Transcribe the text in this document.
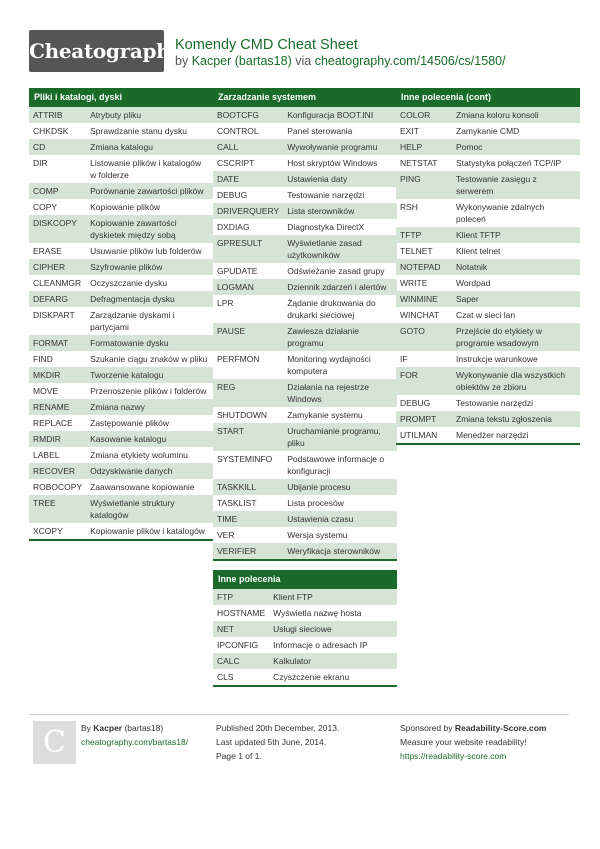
Cheatography
Komendy CMD Cheat Sheet
by Kacper (bartas18) via cheatography.com/14506/cs/1580/
Pliki i katalogi, dyski
ATTRIB	Atrybuty pliku
CHKDSK	Sprawdzanie stanu dysku
CD	Zmiana katalogu
DIR	Listowanie plików i katalogów w folderze
COMP	Porównanie zawartości plików
COPY	Kopiowanie plików
DISKCOPY	Kopiowanie zawartości dyskietek między sobą
ERASE	Usuwanie plików lub folderów
CIPHER	Szyfrowanie plików
CLEANMGR	Oczyszczanie dysku
DEFARG	Defragmentacja dysku
DISKPART	Zarządzanie dyskami i partycjami
FORMAT	Formatowanie dysku
FIND	Szukanie ciągu znaków w pliku
MKDIR	Tworzenie katalogu
MOVE	Przenoszenie plików i folderów
RENAME	Zmiana nazwy
REPLACE	Zastępowanie plików
RMDIR	Kasowanie katalogu
LABEL	Zmiana etykiety woluminu
RECOVER	Odzyskiwanie danych
ROBOCOPY	Zaawansowane kopiowanie
TREE	Wyświetlanie struktury katalogów
XCOPY	Kopiowanie plików i katalogów
Zarzadzanie systemem
BOOTCFG	Konfiguracja BOOT.INI
CONTROL	Panel sterowania
CALL	Wywoływanie programu
CSCRIPT	Host skryptów Windows
DATE	Ustawienia daty
DEBUG	Testowanie narzędzi
DRIVERQUERY	Lista sterowników
DXDIAG	Diagnostyka DirectX
GPRESULT	Wyświetlanie zasad użytkowników
GPUDATE	Odświeżanie zasad grupy
LOGMAN	Dziennik zdarzeń i alertów
LPR	Żądanie drukowania do drukarki sieciowej
PAUSE	Zawiesza działanie programu
PERFMON	Monitoring wydajności komputera
REG	Działania na rejestrze Windows
SHUTDOWN	Zamykanie systemu
START	Uruchamianie programu, pliku
SYSTEMINFO	Podstawowe informacje o konfiguracji
TASKKILL	Ubijanie procesu
TASKLIST	Lista procesów
TIME	Ustawienia czasu
VER	Wersja systemu
VERIFIER	Weryfikacja sterowników
Inne polecenia
FTP	Klient FTP
HOSTNAME	Wyświetla nazwę hosta
NET	Usługi sieciowe
IPCONFIG	Informacje o adresach IP
CALC	Kalkulator
CLS	Czyszczenie ekranu
Inne polecenia (cont)
COLOR	Zmiana koloru konsoli
EXIT	Zamykanie CMD
HELP	Pomoc
NETSTAT	Statystyka połączeń TCP/IP
PING	Testowanie zasięgu z serwerem
RSH	Wykonywanie zdalnych poleceń
TFTP	Klient TFTP
TELNET	Klient telnet
NOTEPAD	Notatnik
WRITE	Wordpad
WINMINE	Saper
WINCHAT	Czat w sieci lan
GOTO	Przejście do etykiety w programie wsadowym
IF	Instrukcje warunkowe
FOR	Wykonywanie dla wszystkich obiektów ze zbioru
DEBUG	Testowanie narzędzi
PROMPT	Zmiana tekstu zgłoszenia
UTILMAN	Menedżer narzędzi
C	By Kacper (bartas18)
cheatography.com/bartas18/
Published 20th December, 2013.
Last updated 5th June, 2014.
Page 1 of 1.
Sponsored by Readability-Score.com
Measure your website readability!
https://readability-score.com
